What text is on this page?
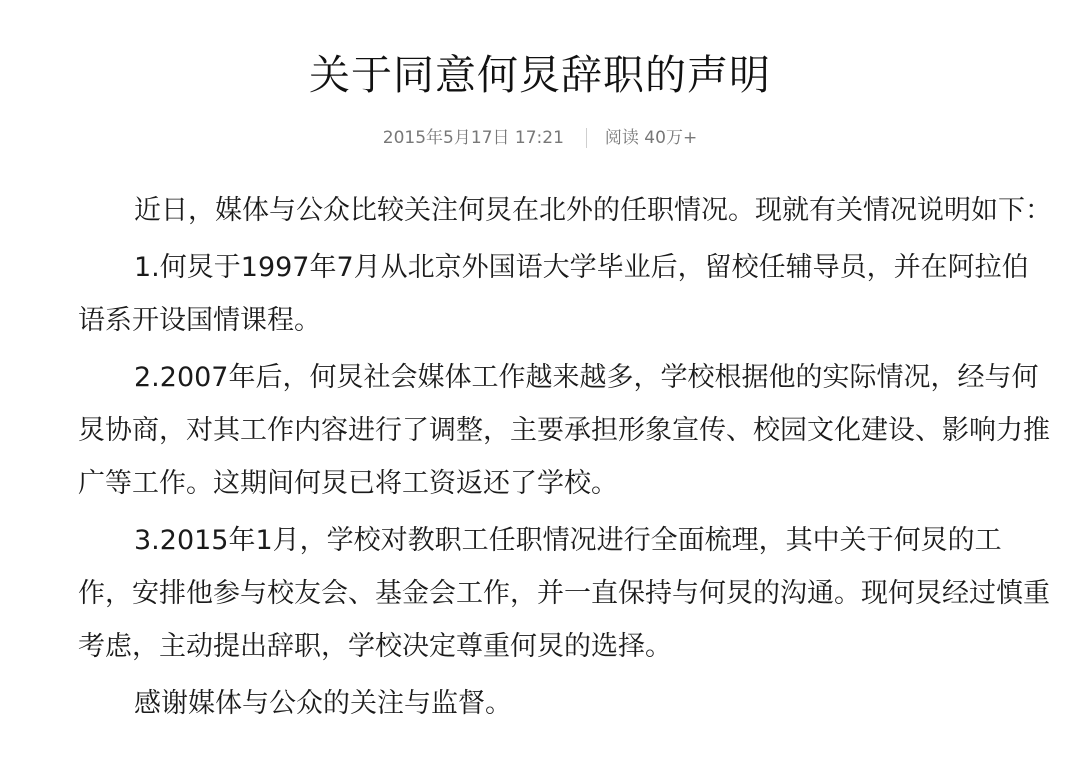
关于同意何炅辞职的声明
2015年5月17日 17:21 阅读 40万+

近日，媒体与公众比较关注何炅在北外的任职情况。现就有关情况说明如下：

1.何炅于1997年7月从北京外国语大学毕业后，留校任辅导员，并在阿拉伯语系开设国情课程。

2.2007年后，何炅社会媒体工作越来越多，学校根据他的实际情况，经与何炅协商，对其工作内容进行了调整，主要承担形象宣传、校园文化建设、影响力推广等工作。这期间何炅已将工资返还了学校。

3.2015年1月，学校对教职工任职情况进行全面梳理，其中关于何炅的工作，安排他参与校友会、基金会工作，并一直保持与何炅的沟通。现何炅经过慎重考虑，主动提出辞职，学校决定尊重何炅的选择。

感谢媒体与公众的关注与监督。
